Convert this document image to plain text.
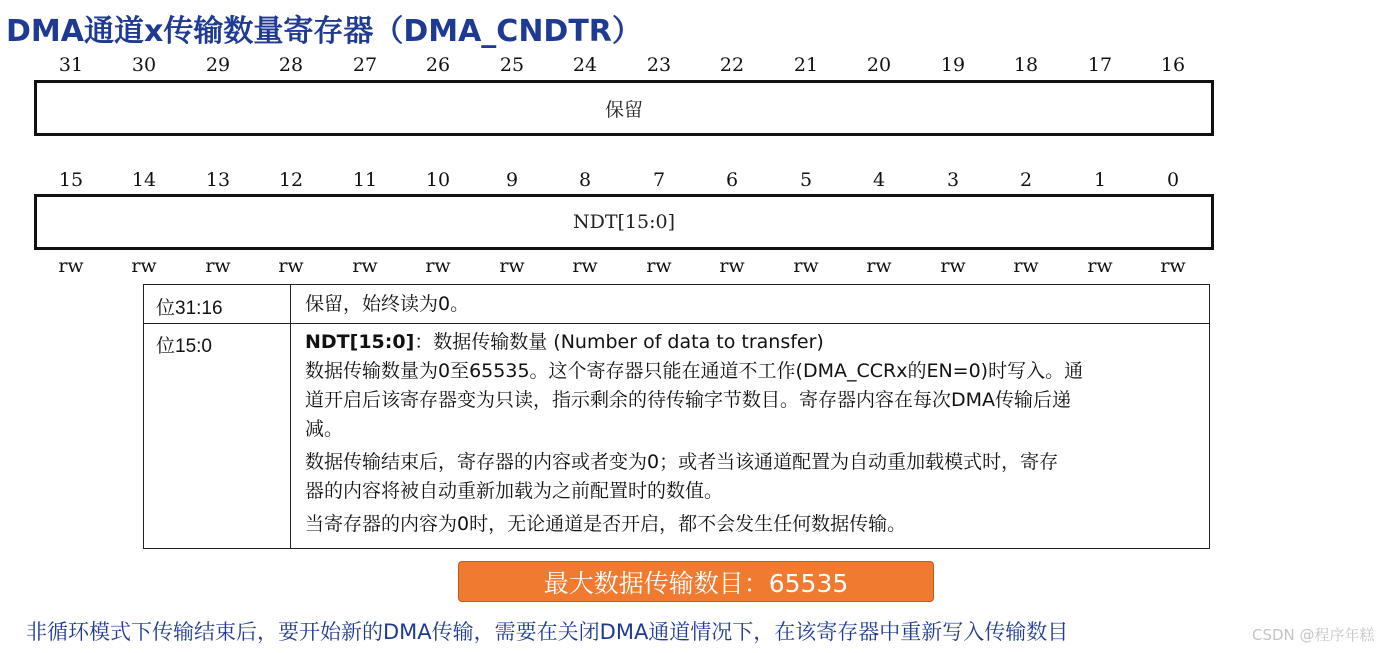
DMA通道x传输数量寄存器（DMA_CNDTR）
31	30	29	28	27	26	25	24	23	22	21	20	19	18	17	16
保留
15	14	13	12	11	10	9	8	7	6	5	4	3	2	1	0
NDT[15:0]
rw	rw	rw	rw	rw	rw	rw	rw	rw	rw	rw	rw	rw	rw	rw	rw
位31:16	保留，始终读为0。
位15:0	NDT[15:0]：数据传输数量 (Number of data to transfer)

数据传输数量为0至65535。这个寄存器只能在通道不工作(DMA_CCRx的EN=0)时写入。通
道开启后该寄存器变为只读，指示剩余的待传输字节数目。寄存器内容在每次DMA传输后递
减。

数据传输结束后，寄存器的内容或者变为0；或者当该通道配置为自动重加载模式时，寄存
器的内容将被自动重新加载为之前配置时的数值。

当寄存器的内容为0时，无论通道是否开启，都不会发生任何数据传输。

最大数据传输数目：65535
非循环模式下传输结束后，要开始新的DMA传输，需要在关闭DMA通道情况下，在该寄存器中重新写入传输数目	CSDN @程序年糕
